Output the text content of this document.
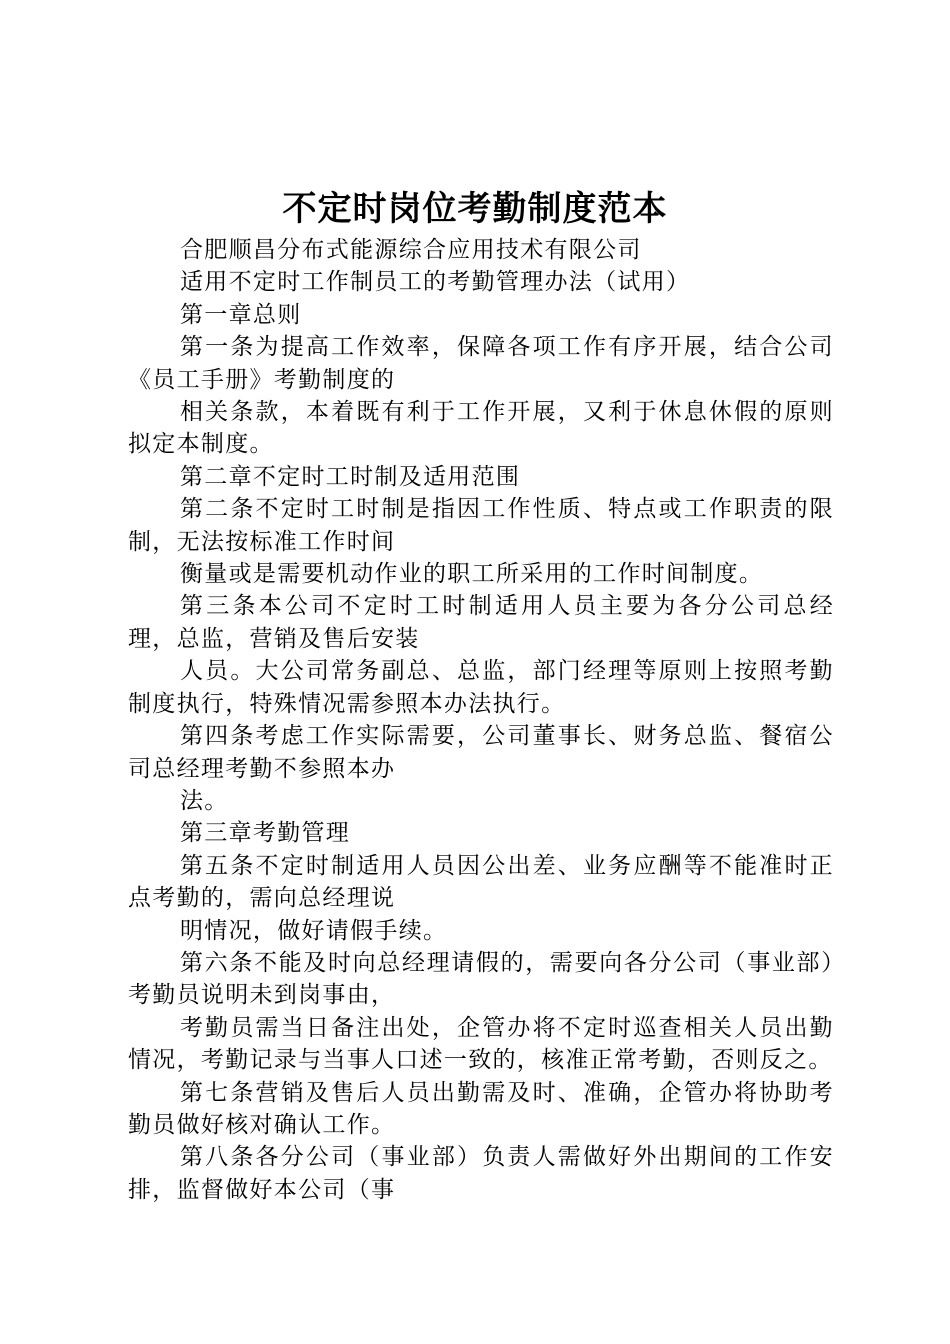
不定时岗位考勤制度范本

合肥顺昌分布式能源综合应用技术有限公司

适用不定时工作制员工的考勤管理办法（试用）

第一章总则

第一条为提高工作效率，保障各项工作有序开展，结合公司《员工手册》考勤制度的

相关条款，本着既有利于工作开展，又利于休息休假的原则拟定本制度。

第二章不定时工时制及适用范围

第二条不定时工时制是指因工作性质、特点或工作职责的限制，无法按标准工作时间

衡量或是需要机动作业的职工所采用的工作时间制度。

第三条本公司不定时工时制适用人员主要为各分公司总经理，总监，营销及售后安装

人员。大公司常务副总、总监，部门经理等原则上按照考勤制度执行，特殊情况需参照本办法执行。

第四条考虑工作实际需要，公司董事长、财务总监、餐宿公司总经理考勤不参照本办

法。

第三章考勤管理

第五条不定时制适用人员因公出差、业务应酬等不能准时正点考勤的，需向总经理说

明情况，做好请假手续。

第六条不能及时向总经理请假的，需要向各分公司（事业部）考勤员说明未到岗事由，

考勤员需当日备注出处，企管办将不定时巡查相关人员出勤情况，考勤记录与当事人口述一致的，核准正常考勤，否则反之。

第七条营销及售后人员出勤需及时、准确，企管办将协助考勤员做好核对确认工作。

第八条各分公司（事业部）负责人需做好外出期间的工作安排，监督做好本公司（事
